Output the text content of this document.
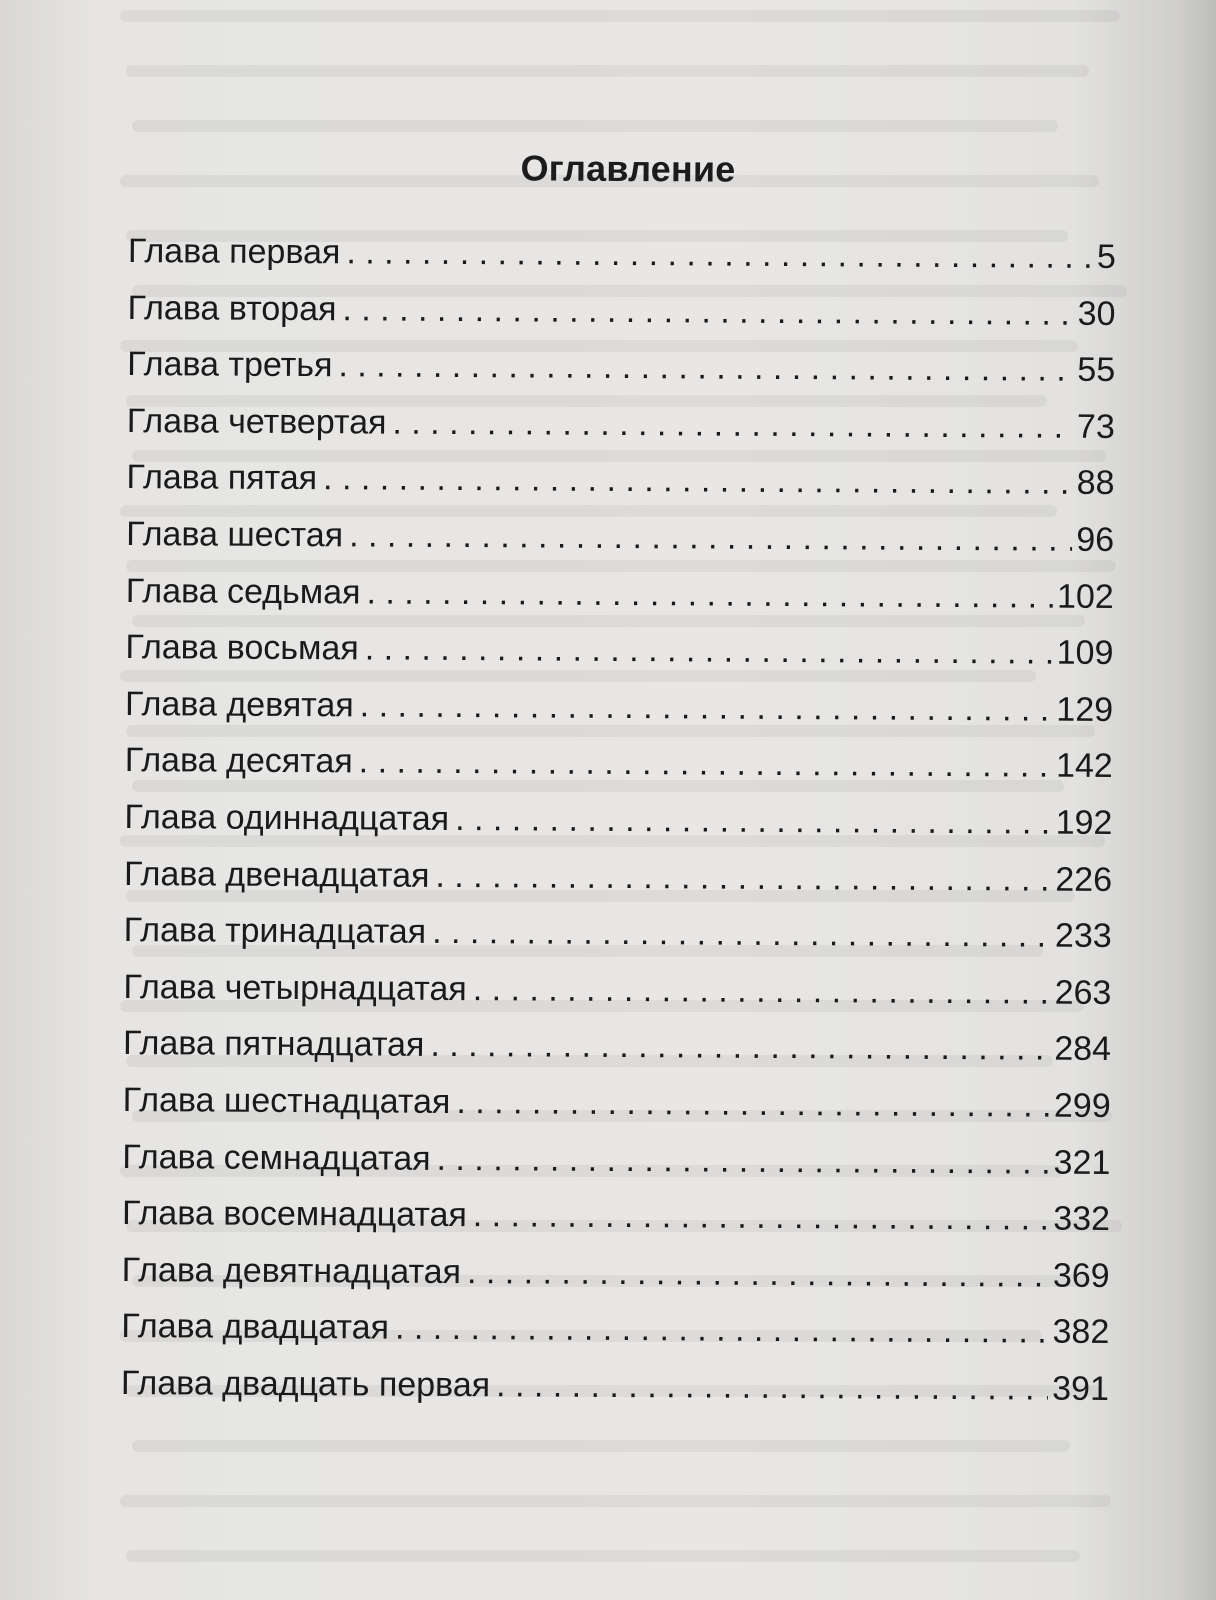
Оглавление
Глава первая . . .	5
Глава вторая . . .	30
Глава третья . . .	55
Глава четвертая . . .	73
Глава пятая . . .	88
Глава шестая . . .	96
Глава седьмая . . .	102
Глава восьмая . . .	109
Глава девятая . . .	129
Глава десятая . . .	142
Глава одиннадцатая . . .	192
Глава двенадцатая . . .	226
Глава тринадцатая . . .	233
Глава четырнадцатая . . .	263
Глава пятнадцатая . . .	284
Глава шестнадцатая . . .	299
Глава семнадцатая . . .	321
Глава восемнадцатая . . .	332
Глава девятнадцатая . . .	369
Глава двадцатая . . .	382
Глава двадцать первая . . .	391
